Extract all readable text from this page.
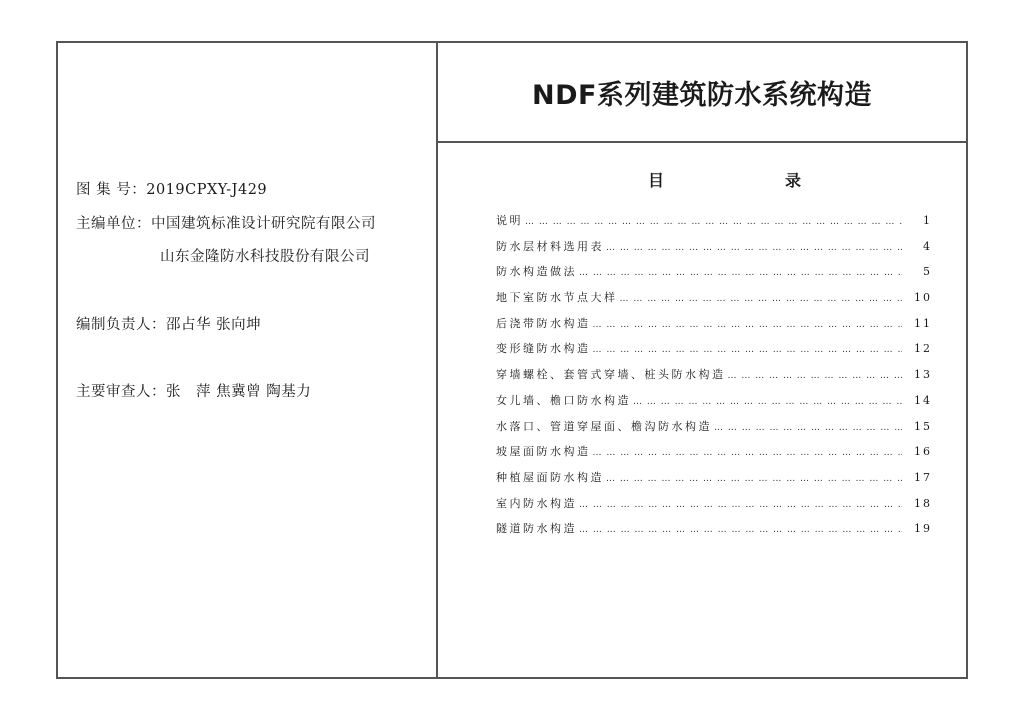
NDF系列建筑防水系统构造
图 集 号：2019CPXY-J429
主编单位：中国建筑标准设计研究院有限公司
山东金隆防水科技股份有限公司
编制负责人：邵占华 张向坤
主要审查人：张　萍 焦冀曾 陶基力
目	录
说明 … … … … … … … … … … … … … … … … … … … … … … … … … … … … … … … … … … … … … … … … … … … … … …	1
防水层材料选用表 … … … … … … … … … … … … … … … … … … … … … … … … … … … … … … … … … … … … … … … … … … … … … …	4
防水构造做法 … … … … … … … … … … … … … … … … … … … … … … … … … … … … … … … … … … … … … … … … … … … … … …	5
地下室防水节点大样 … … … … … … … … … … … … … … … … … … … … … … … … … … … … … … … … … … … … … … … … … … … … … …	10
后浇带防水构造 … … … … … … … … … … … … … … … … … … … … … … … … … … … … … … … … … … … … … … … … … … … … … …	11
变形缝防水构造 … … … … … … … … … … … … … … … … … … … … … … … … … … … … … … … … … … … … … … … … … … … … … …	12
穿墙螺栓、套管式穿墙、桩头防水构造 … … … … … … … … … … … … … … … … … … … … … … … … … … … … … … … … … … … … … … … … … … … … … …	13
女儿墙、檐口防水构造 … … … … … … … … … … … … … … … … … … … … … … … … … … … … … … … … … … … … … … … … … … … … … …	14
水落口、管道穿屋面、檐沟防水构造 … … … … … … … … … … … … … … … … … … … … … … … … … … … … … … … … … … … … … … … … … … … … … …	15
坡屋面防水构造 … … … … … … … … … … … … … … … … … … … … … … … … … … … … … … … … … … … … … … … … … … … … … …	16
种植屋面防水构造 … … … … … … … … … … … … … … … … … … … … … … … … … … … … … … … … … … … … … … … … … … … … … …	17
室内防水构造 … … … … … … … … … … … … … … … … … … … … … … … … … … … … … … … … … … … … … … … … … … … … … …	18
隧道防水构造 … … … … … … … … … … … … … … … … … … … … … … … … … … … … … … … … … … … … … … … … … … … … … …	19
